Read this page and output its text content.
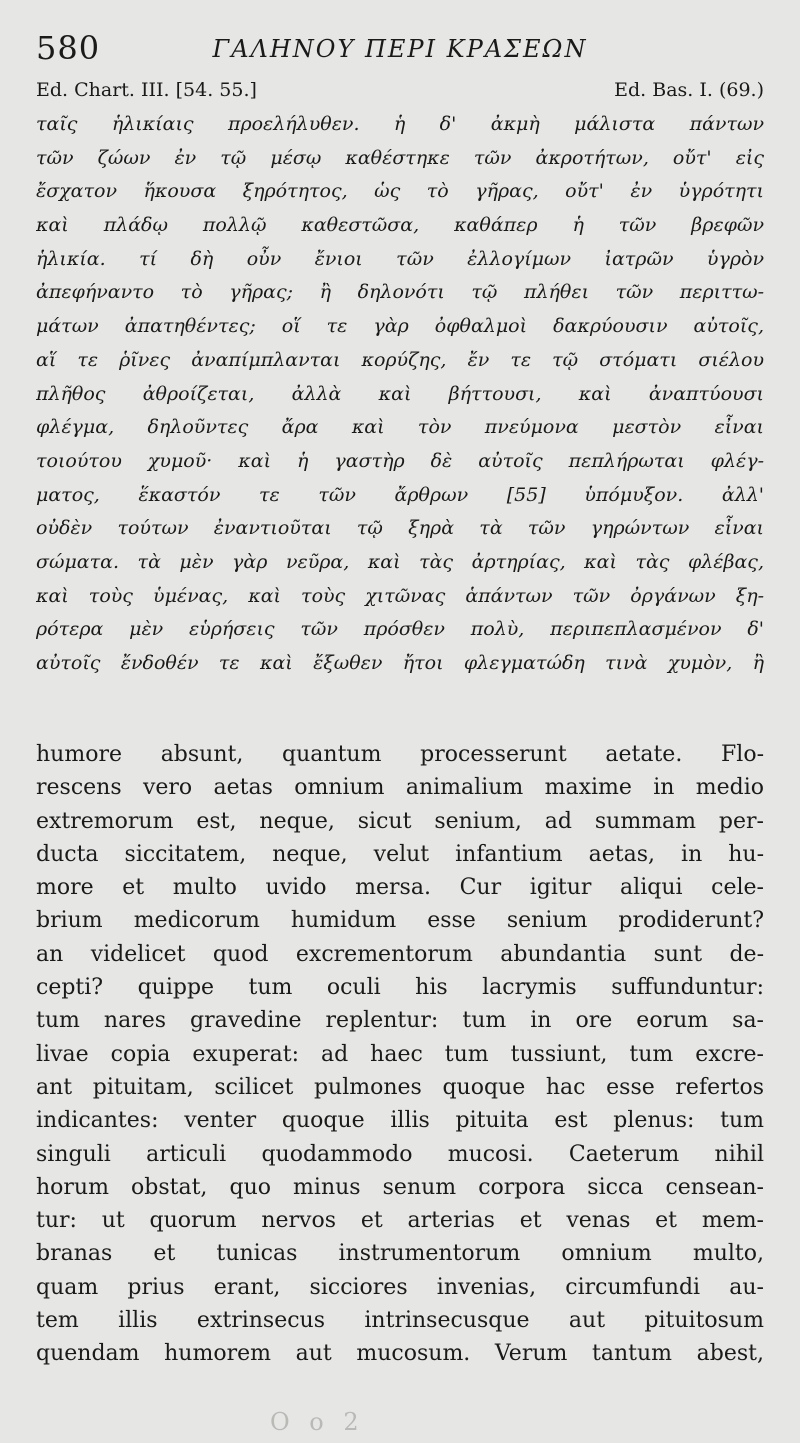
580	ΓΑΛΗΝΟΥ ΠΕΡΙ ΚΡΑΣΕΩΝ
Ed. Chart. III. [54. 55.]	Ed. Bas. I. (69.)
ταῖς ἡλικίαις προελήλυθεν. ἡ δ' ἀκμὴ μάλιστα πάντων
τῶν ζώων ἐν τῷ μέσῳ καθέστηκε τῶν ἀκροτήτων, οὔτ' εἰς
ἔσχατον ἥκουσα ξηρότητος, ὡς τὸ γῆρας, οὔτ' ἐν ὑγρότητι
καὶ πλάδῳ πολλῷ καθεστῶσα, καθάπερ ἡ τῶν βρεφῶν
ἡλικία. τί δὴ οὖν ἔνιοι τῶν ἐλλογίμων ἰατρῶν ὑγρὸν
ἀπεφήναντο τὸ γῆρας; ἢ δηλονότι τῷ πλήθει τῶν περιττω-
μάτων ἀπατηθέντες; οἵ τε γὰρ ὀφθαλμοὶ δακρύουσιν αὐτοῖς,
αἵ τε ῥῖνες ἀναπίμπλανται κορύζης, ἔν τε τῷ στόματι σιέλου
πλῆθος ἀθροίζεται, ἀλλὰ καὶ βήττουσι, καὶ ἀναπτύουσι
φλέγμα, δηλοῦντες ἄρα καὶ τὸν πνεύμονα μεστὸν εἶναι
τοιούτου χυμοῦ· καὶ ἡ γαστὴρ δὲ αὐτοῖς πεπλήρωται φλέγ-
ματος, ἕκαστόν τε τῶν ἄρθρων [55] ὑπόμυξον. ἀλλ'
οὐδὲν τούτων ἐναντιοῦται τῷ ξηρὰ τὰ τῶν γηρώντων εἶναι
σώματα. τὰ μὲν γὰρ νεῦρα, καὶ τὰς ἀρτηρίας, καὶ τὰς φλέβας,
καὶ τοὺς ὑμένας, καὶ τοὺς χιτῶνας ἁπάντων τῶν ὀργάνων ξη-
ρότερα μὲν εὑρήσεις τῶν πρόσθεν πολὺ, περιπεπλασμένον δ'
αὐτοῖς ἔνδοθέν τε καὶ ἔξωθεν ἤτοι φλεγματώδη τινὰ χυμὸν, ἢ
humore absunt, quantum processerunt aetate. Flo-
rescens vero aetas omnium animalium maxime in medio
extremorum est, neque, sicut senium, ad summam per-
ducta siccitatem, neque, velut infantium aetas, in hu-
more et multo uvido mersa. Cur igitur aliqui cele-
brium medicorum humidum esse senium prodiderunt?
an videlicet quod excrementorum abundantia sunt de-
cepti? quippe tum oculi his lacrymis suffunduntur:
tum nares gravedine replentur: tum in ore eorum sa-
livae copia exuperat: ad haec tum tussiunt, tum excre-
ant pituitam, scilicet pulmones quoque hac esse refertos
indicantes: venter quoque illis pituita est plenus: tum
singuli articuli quodammodo mucosi. Caeterum nihil
horum obstat, quo minus senum corpora sicca censean-
tur: ut quorum nervos et arterias et venas et mem-
branas et tunicas instrumentorum omnium multo,
quam prius erant, sicciores invenias, circumfundi au-
tem illis extrinsecus intrinsecusque aut pituitosum
quendam humorem aut mucosum. Verum tantum abest,
O o 2
